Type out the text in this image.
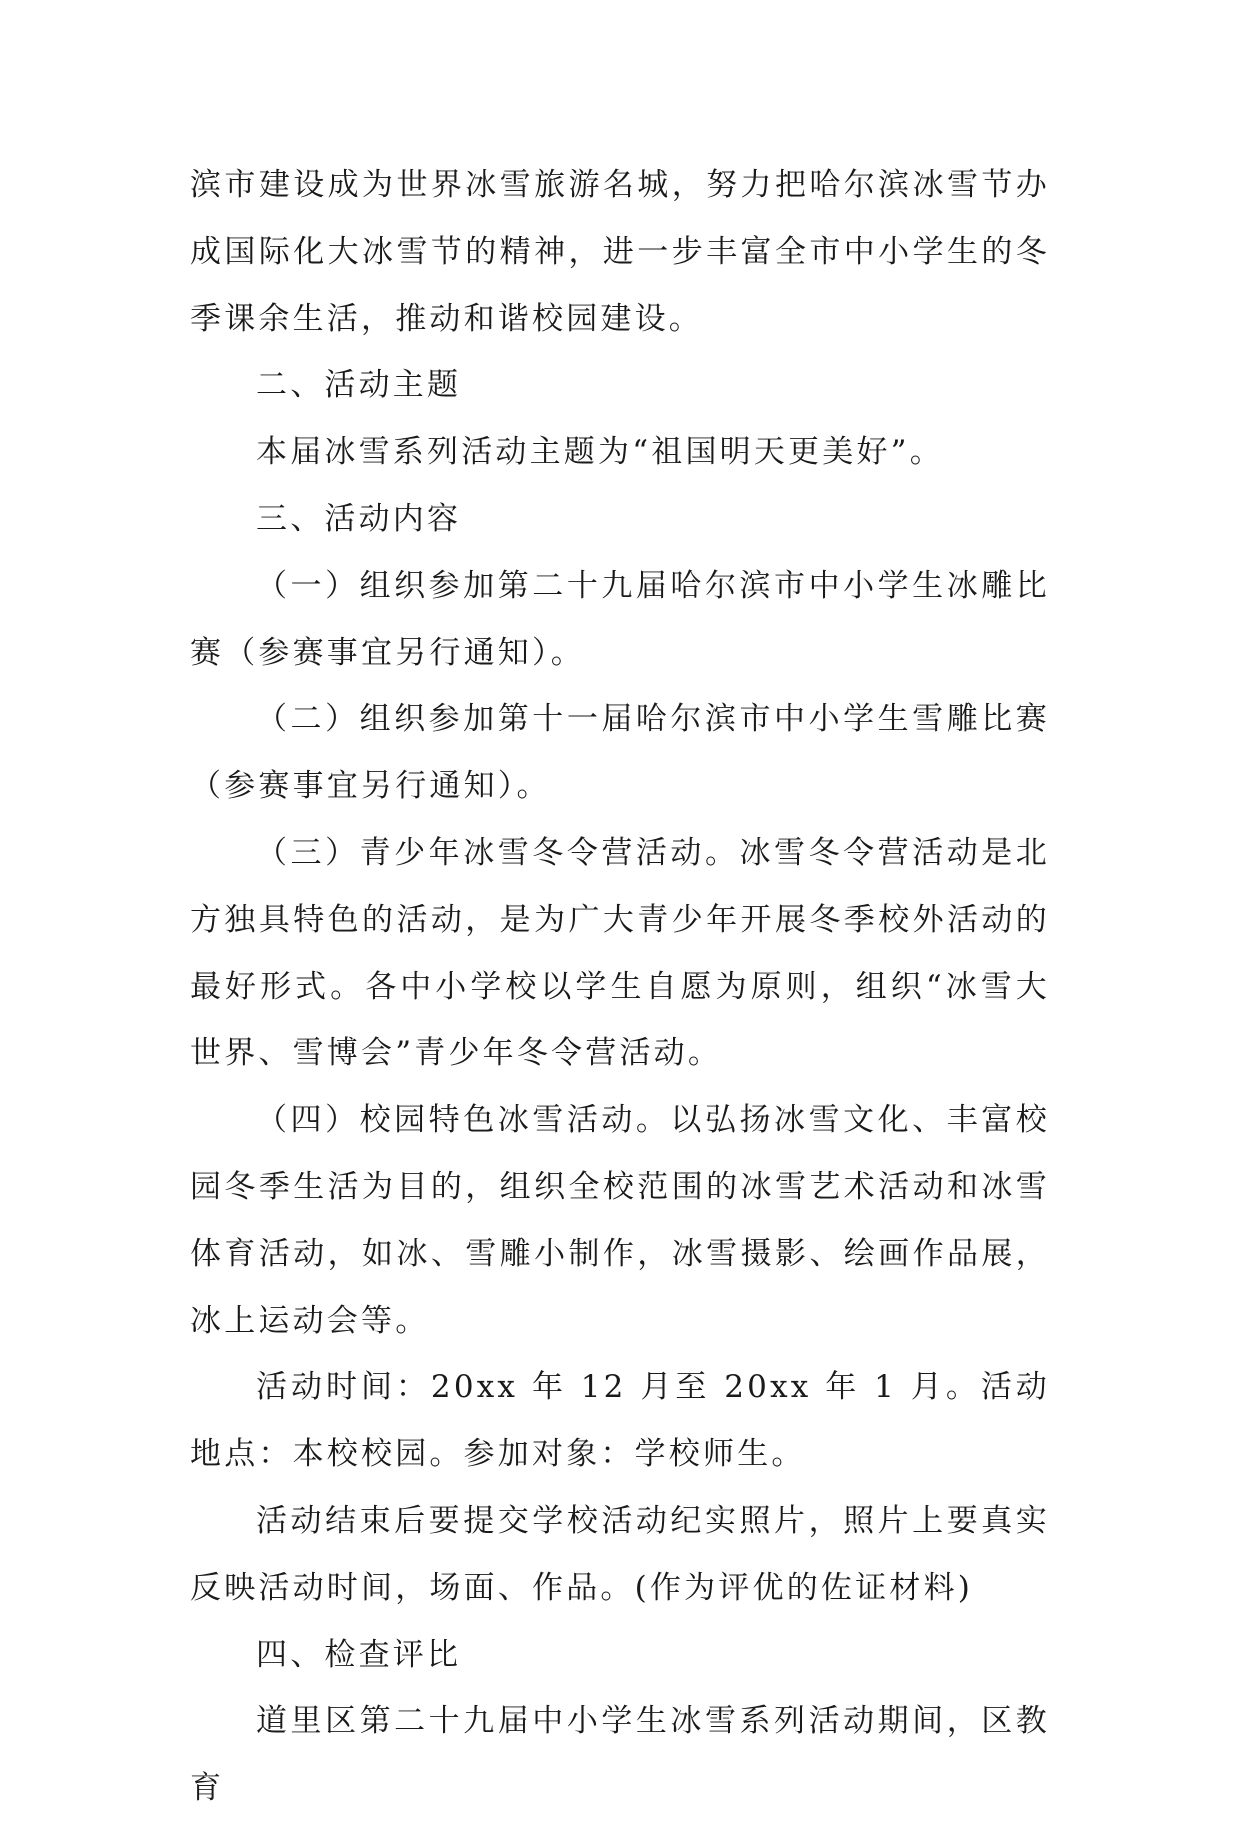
滨市建设成为世界冰雪旅游名城，努力把哈尔滨冰雪节办成国际化大冰雪节的精神，进一步丰富全市中小学生的冬季课余生活，推动和谐校园建设。

二、活动主题

本届冰雪系列活动主题为“祖国明天更美好”。

三、活动内容

（一）组织参加第二十九届哈尔滨市中小学生冰雕比赛（参赛事宜另行通知）。

（二）组织参加第十一届哈尔滨市中小学生雪雕比赛（参赛事宜另行通知）。

（三）青少年冰雪冬令营活动。冰雪冬令营活动是北方独具特色的活动，是为广大青少年开展冬季校外活动的最好形式。各中小学校以学生自愿为原则，组织“冰雪大世界、雪博会”青少年冬令营活动。

（四）校园特色冰雪活动。以弘扬冰雪文化、丰富校园冬季生活为目的，组织全校范围的冰雪艺术活动和冰雪体育活动，如冰、雪雕小制作，冰雪摄影、绘画作品展，冰上运动会等。

活动时间：20xx 年 12 月至 20xx 年 1 月。活动地点：本校校园。参加对象：学校师生。

活动结束后要提交学校活动纪实照片，照片上要真实反映活动时间，场面、作品。(作为评优的佐证材料)

四、检查评比

道里区第二十九届中小学生冰雪系列活动期间，区教育
